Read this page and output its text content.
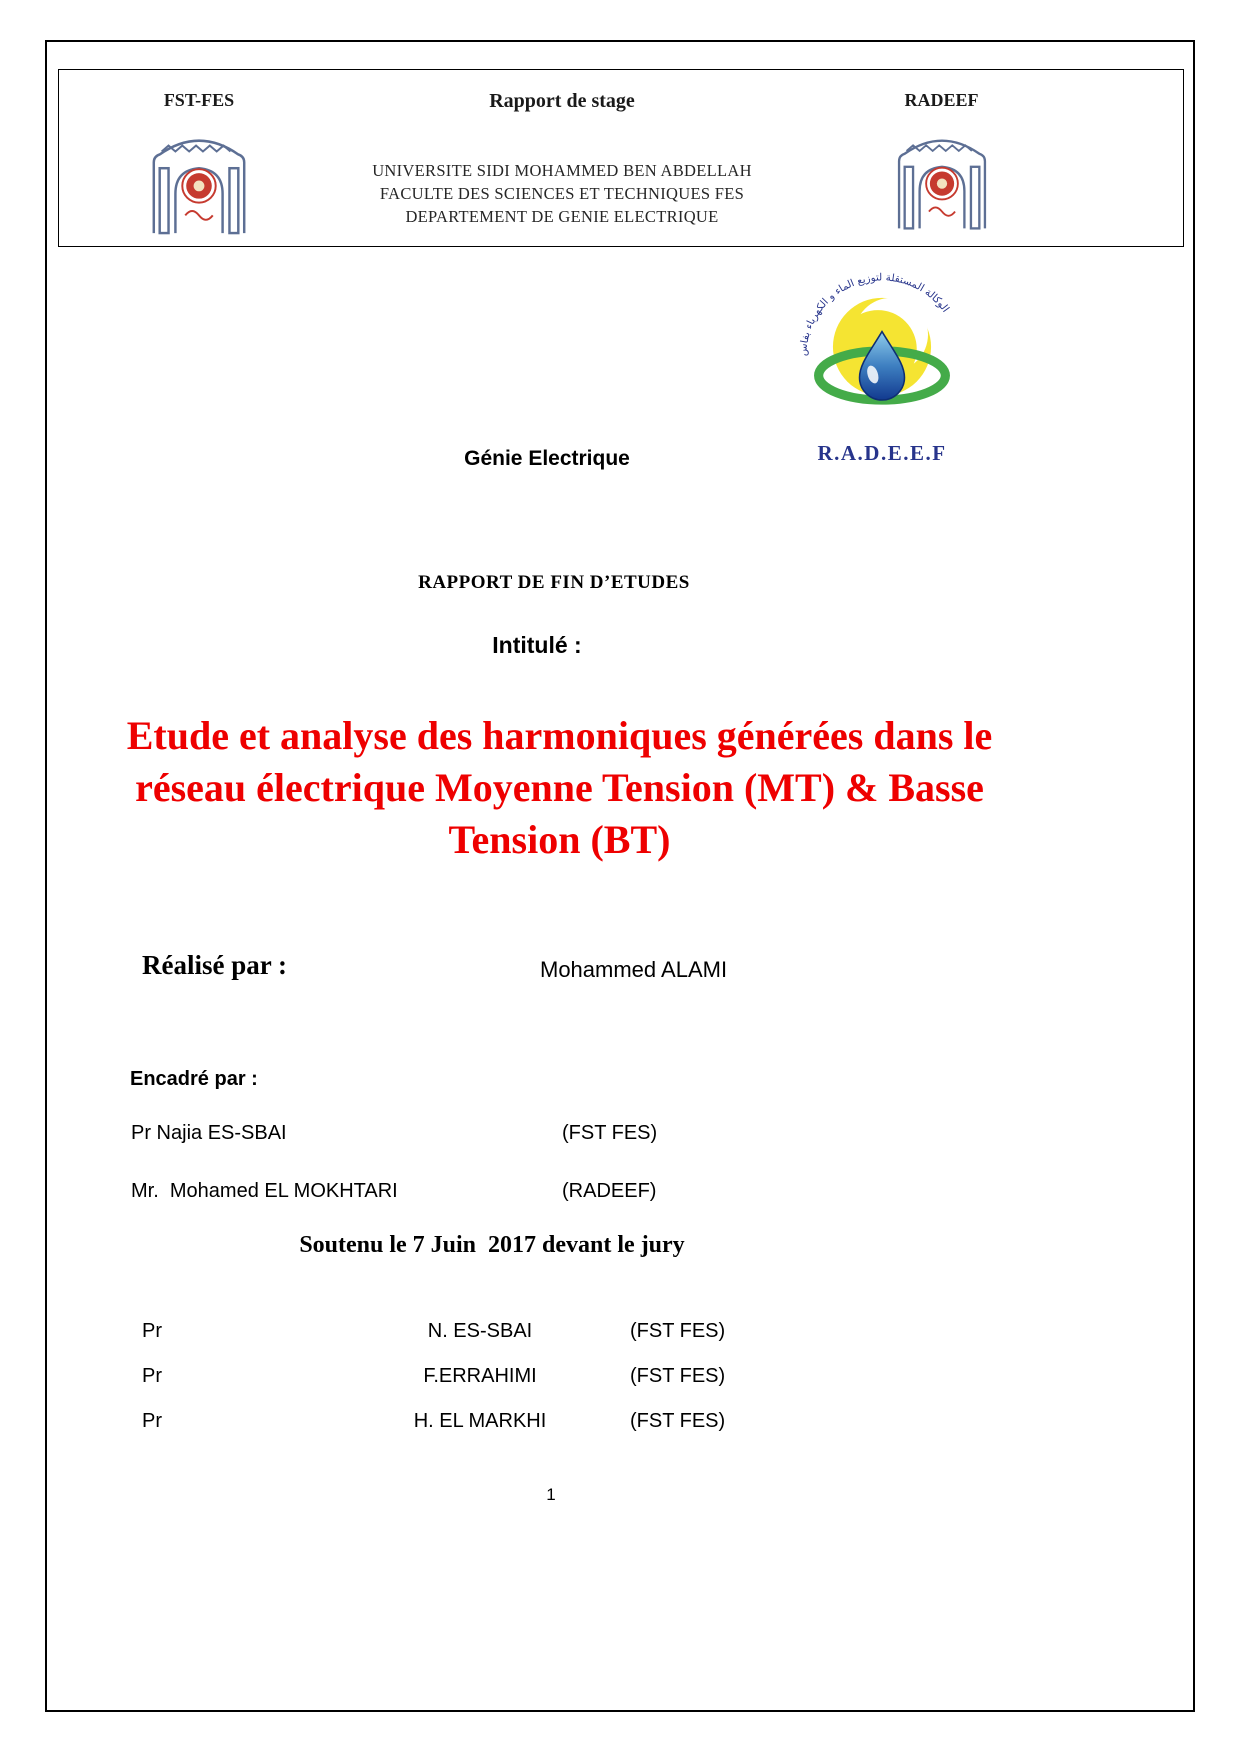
FST-FES	Rapport de stage
UNIVERSITE SIDI MOHAMMED BEN ABDELLAH
FACULTE DES SCIENCES ET TECHNIQUES FES
DEPARTEMENT DE GENIE ELECTRIQUE
RADEEF
الوكالة المستقلة لتوزيع الماء و الكهرباء بفاس
R.A.D.E.E.F
Génie Electrique
RAPPORT DE FIN D’ETUDES
Intitulé :
Etude et analyse des harmoniques générées dans le
réseau électrique Moyenne Tension (MT) & Basse
Tension (BT)
Réalisé par :	Mohammed ALAMI
Encadré par :
Pr Najia ES-SBAI	(FST FES)
Mr.  Mohamed EL MOKHTARI	(RADEEF)
Soutenu le 7 Juin  2017 devant le jury
Pr	N. ES-SBAI	(FST FES)
Pr	F.ERRAHIMI	(FST FES)
Pr	H. EL MARKHI	(FST FES)
1
